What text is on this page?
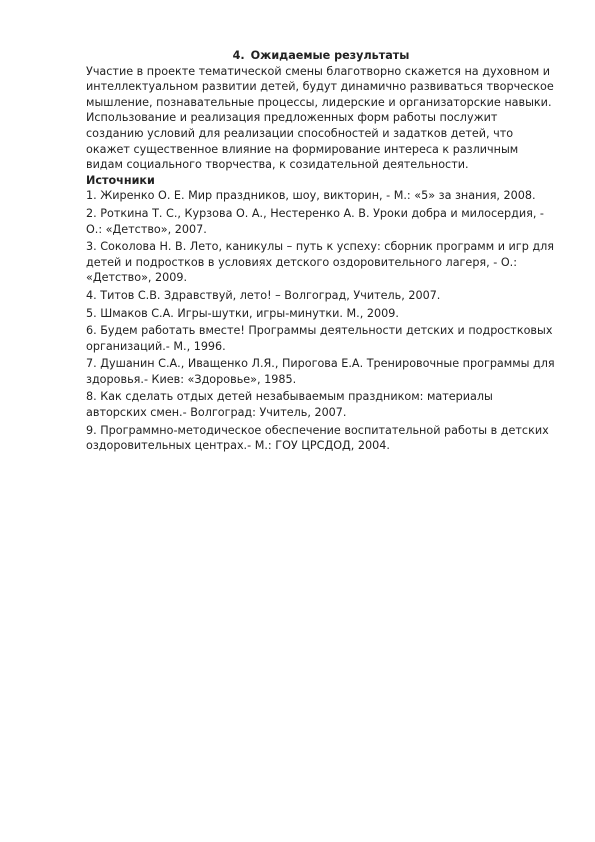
4. Ожидаемые результаты

Участие в проекте тематической смены благотворно скажется на духовном и интеллектуальном развитии детей, будут динамично развиваться творческое мышление, познавательные процессы, лидерские и организаторские навыки.

Использование и реализация предложенных форм работы послужит созданию условий для реализации способностей и задатков детей, что окажет существенное влияние на формирование интереса к различным видам социального творчества, к созидательной деятельности.

Источники

1. Жиренко О. Е. Мир праздников, шоу, викторин, - М.: «5» за знания, 2008.

2. Роткина Т. С., Курзова О. А., Нестеренко А. В. Уроки добра и милосердия, - О.: «Детство», 2007.

3. Соколова Н. В. Лето, каникулы – путь к успеху: сборник программ и игр для детей и подростков в условиях детского оздоровительного лагеря, - О.: «Детство», 2009.

4. Титов С.В. Здравствуй, лето! – Волгоград, Учитель, 2007.

5. Шмаков С.А. Игры-шутки, игры-минутки. М., 2009.

6. Будем работать вместе! Программы деятельности детских и подростковых организаций.- М., 1996.

7. Душанин С.А., Иващенко Л.Я., Пирогова Е.А. Тренировочные программы для здоровья.- Киев: «Здоровье», 1985.

8. Как сделать отдых детей незабываемым праздником: материалы авторских смен.- Волгоград: Учитель, 2007.

9. Программно-методическое обеспечение воспитательной работы в детских оздоровительных центрах.- М.: ГОУ ЦРСДОД, 2004.
